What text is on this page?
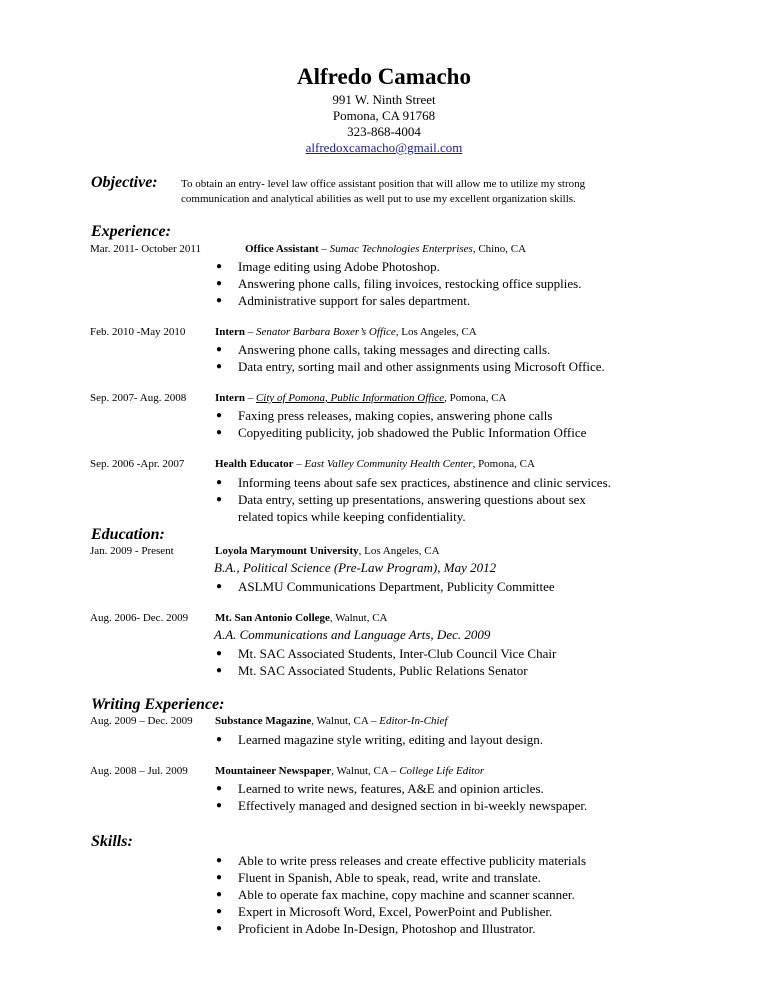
Alfredo Camacho
991 W. Ninth Street
Pomona, CA 91768
323-868-4004
alfredoxcamacho@gmail.com
Objective: To obtain an entry- level law office assistant position that will allow me to utilize my strong
communication and analytical abilities as well put to use my excellent organization skills.
Experience:
Mar. 2011- October 2011	Office Assistant – Sumac Technologies Enterprises, Chino, CA
● Image editing using Adobe Photoshop.
● Answering phone calls, filing invoices, restocking office supplies.
● Administrative support for sales department.
Feb. 2010 -May 2010	Intern – Senator Barbara Boxer’s Office, Los Angeles, CA
● Answering phone calls, taking messages and directing calls.
● Data entry, sorting mail and other assignments using Microsoft Office.
Sep. 2007- Aug. 2008	Intern – City of Pomona, Public Information Office, Pomona, CA
● Faxing press releases, making copies, answering phone calls
● Copyediting publicity, job shadowed the Public Information Office
Sep. 2006 -Apr. 2007	Health Educator – East Valley Community Health Center, Pomona, CA
● Informing teens about safe sex practices, abstinence and clinic services.
● Data entry, setting up presentations, answering questions about sex
related topics while keeping confidentiality.
Education:
Jan. 2009 - Present	Loyola Marymount University, Los Angeles, CA
B.A., Political Science (Pre-Law Program), May 2012
● ASLMU Communications Department, Publicity Committee
Aug. 2006- Dec. 2009 Mt. San Antonio College, Walnut, CA
A.A. Communications and Language Arts, Dec. 2009
● Mt. SAC Associated Students, Inter-Club Council Vice Chair
● Mt. SAC Associated Students, Public Relations Senator
Writing Experience:
Aug. 2009 – Dec. 2009 Substance Magazine, Walnut, CA – Editor-In-Chief
● Learned magazine style writing, editing and layout design.
Aug. 2008 – Jul. 2009 Mountaineer Newspaper, Walnut, CA – College Life Editor
● Learned to write news, features, A&E and opinion articles.
● Effectively managed and designed section in bi-weekly newspaper.
Skills:
● Able to write press releases and create effective publicity materials
● Fluent in Spanish, Able to speak, read, write and translate.
● Able to operate fax machine, copy machine and scanner scanner.
● Expert in Microsoft Word, Excel, PowerPoint and Publisher.
● Proficient in Adobe In-Design, Photoshop and Illustrator.
